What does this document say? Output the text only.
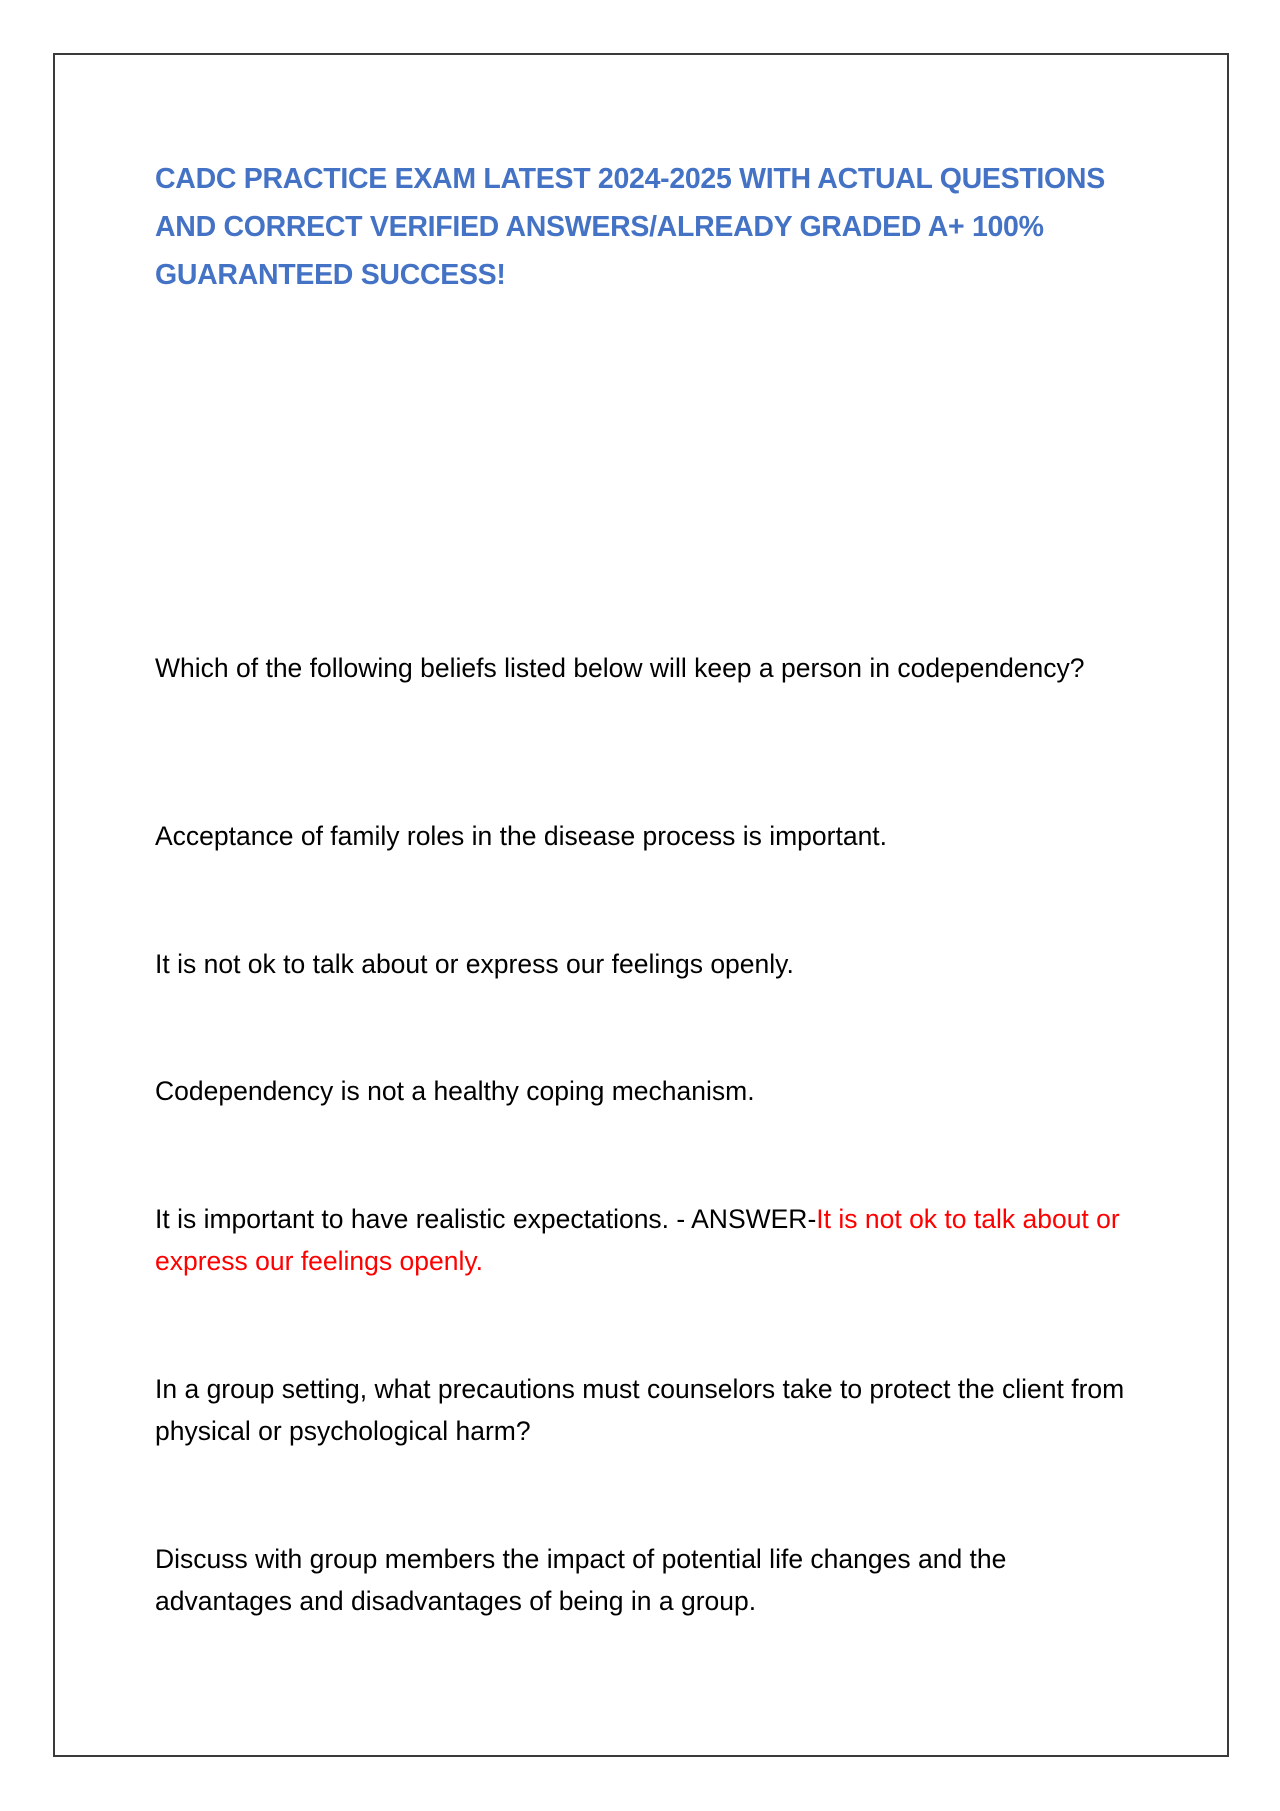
CADC PRACTICE EXAM LATEST 2024-2025 WITH ACTUAL QUESTIONS AND CORRECT VERIFIED ANSWERS/ALREADY GRADED A+ 100% GUARANTEED SUCCESS!

Which of the following beliefs listed below will keep a person in codependency?

Acceptance of family roles in the disease process is important.

It is not ok to talk about or express our feelings openly.

Codependency is not a healthy coping mechanism.

It is important to have realistic expectations. - ANSWER-It is not ok to talk about or express our feelings openly.

In a group setting, what precautions must counselors take to protect the client from physical or psychological harm?

Discuss with group members the impact of potential life changes and the advantages and disadvantages of being in a group.
